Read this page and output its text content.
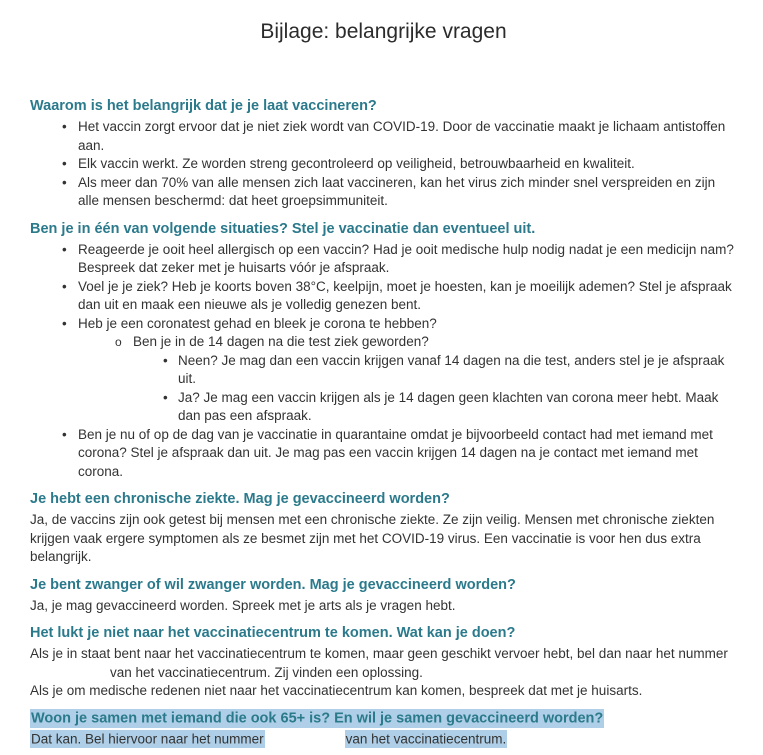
Bijlage: belangrijke vragen
Waarom is het belangrijk dat je je laat vaccineren?
• Het vaccin zorgt ervoor dat je niet ziek wordt van COVID-19. Door de vaccinatie maakt je lichaam antistoffen aan.
• Elk vaccin werkt. Ze worden streng gecontroleerd op veiligheid, betrouwbaarheid en kwaliteit.
• Als meer dan 70% van alle mensen zich laat vaccineren, kan het virus zich minder snel verspreiden en zijn alle mensen beschermd: dat heet groepsimmuniteit.
Ben je in één van volgende situaties? Stel je vaccinatie dan eventueel uit.
• Reageerde je ooit heel allergisch op een vaccin? Had je ooit medische hulp nodig nadat je een medicijn nam? Bespreek dat zeker met je huisarts vóór je afspraak.
• Voel je je ziek? Heb je koorts boven 38°C, keelpijn, moet je hoesten, kan je moeilijk ademen? Stel je afspraak dan uit en maak een nieuwe als je volledig genezen bent.
• Heb je een coronatest gehad en bleek je corona te hebben?
o Ben je in de 14 dagen na die test ziek geworden?
• Neen? Je mag dan een vaccin krijgen vanaf 14 dagen na die test, anders stel je je afspraak uit.
• Ja? Je mag een vaccin krijgen als je 14 dagen geen klachten van corona meer hebt. Maak dan pas een afspraak.
• Ben je nu of op de dag van je vaccinatie in quarantaine omdat je bijvoorbeeld contact had met iemand met corona? Stel je afspraak dan uit. Je mag pas een vaccin krijgen 14 dagen na je contact met iemand met corona.
Je hebt een chronische ziekte. Mag je gevaccineerd worden?

Ja, de vaccins zijn ook getest bij mensen met een chronische ziekte. Ze zijn veilig. Mensen met chronische ziekten krijgen vaak ergere symptomen als ze besmet zijn met het COVID-19 virus. Een vaccinatie is voor hen dus extra belangrijk.

Je bent zwanger of wil zwanger worden. Mag je gevaccineerd worden?

Ja, je mag gevaccineerd worden. Spreek met je arts als je vragen hebt.

Het lukt je niet naar het vaccinatiecentrum te komen. Wat kan je doen?

Als je in staat bent naar het vaccinatiecentrum te komen, maar geen geschikt vervoer hebt, bel dan naar het nummervan het vaccinatiecentrum. Zij vinden een oplossing.

Als je om medische redenen niet naar het vaccinatiecentrum kan komen, bespreek dat met je huisarts.

Woon je samen met iemand die ook 65+ is? En wil je samen gevaccineerd worden?

Dat kan. Bel hiervoor naar het nummer	van het vaccinatiecentrum.
